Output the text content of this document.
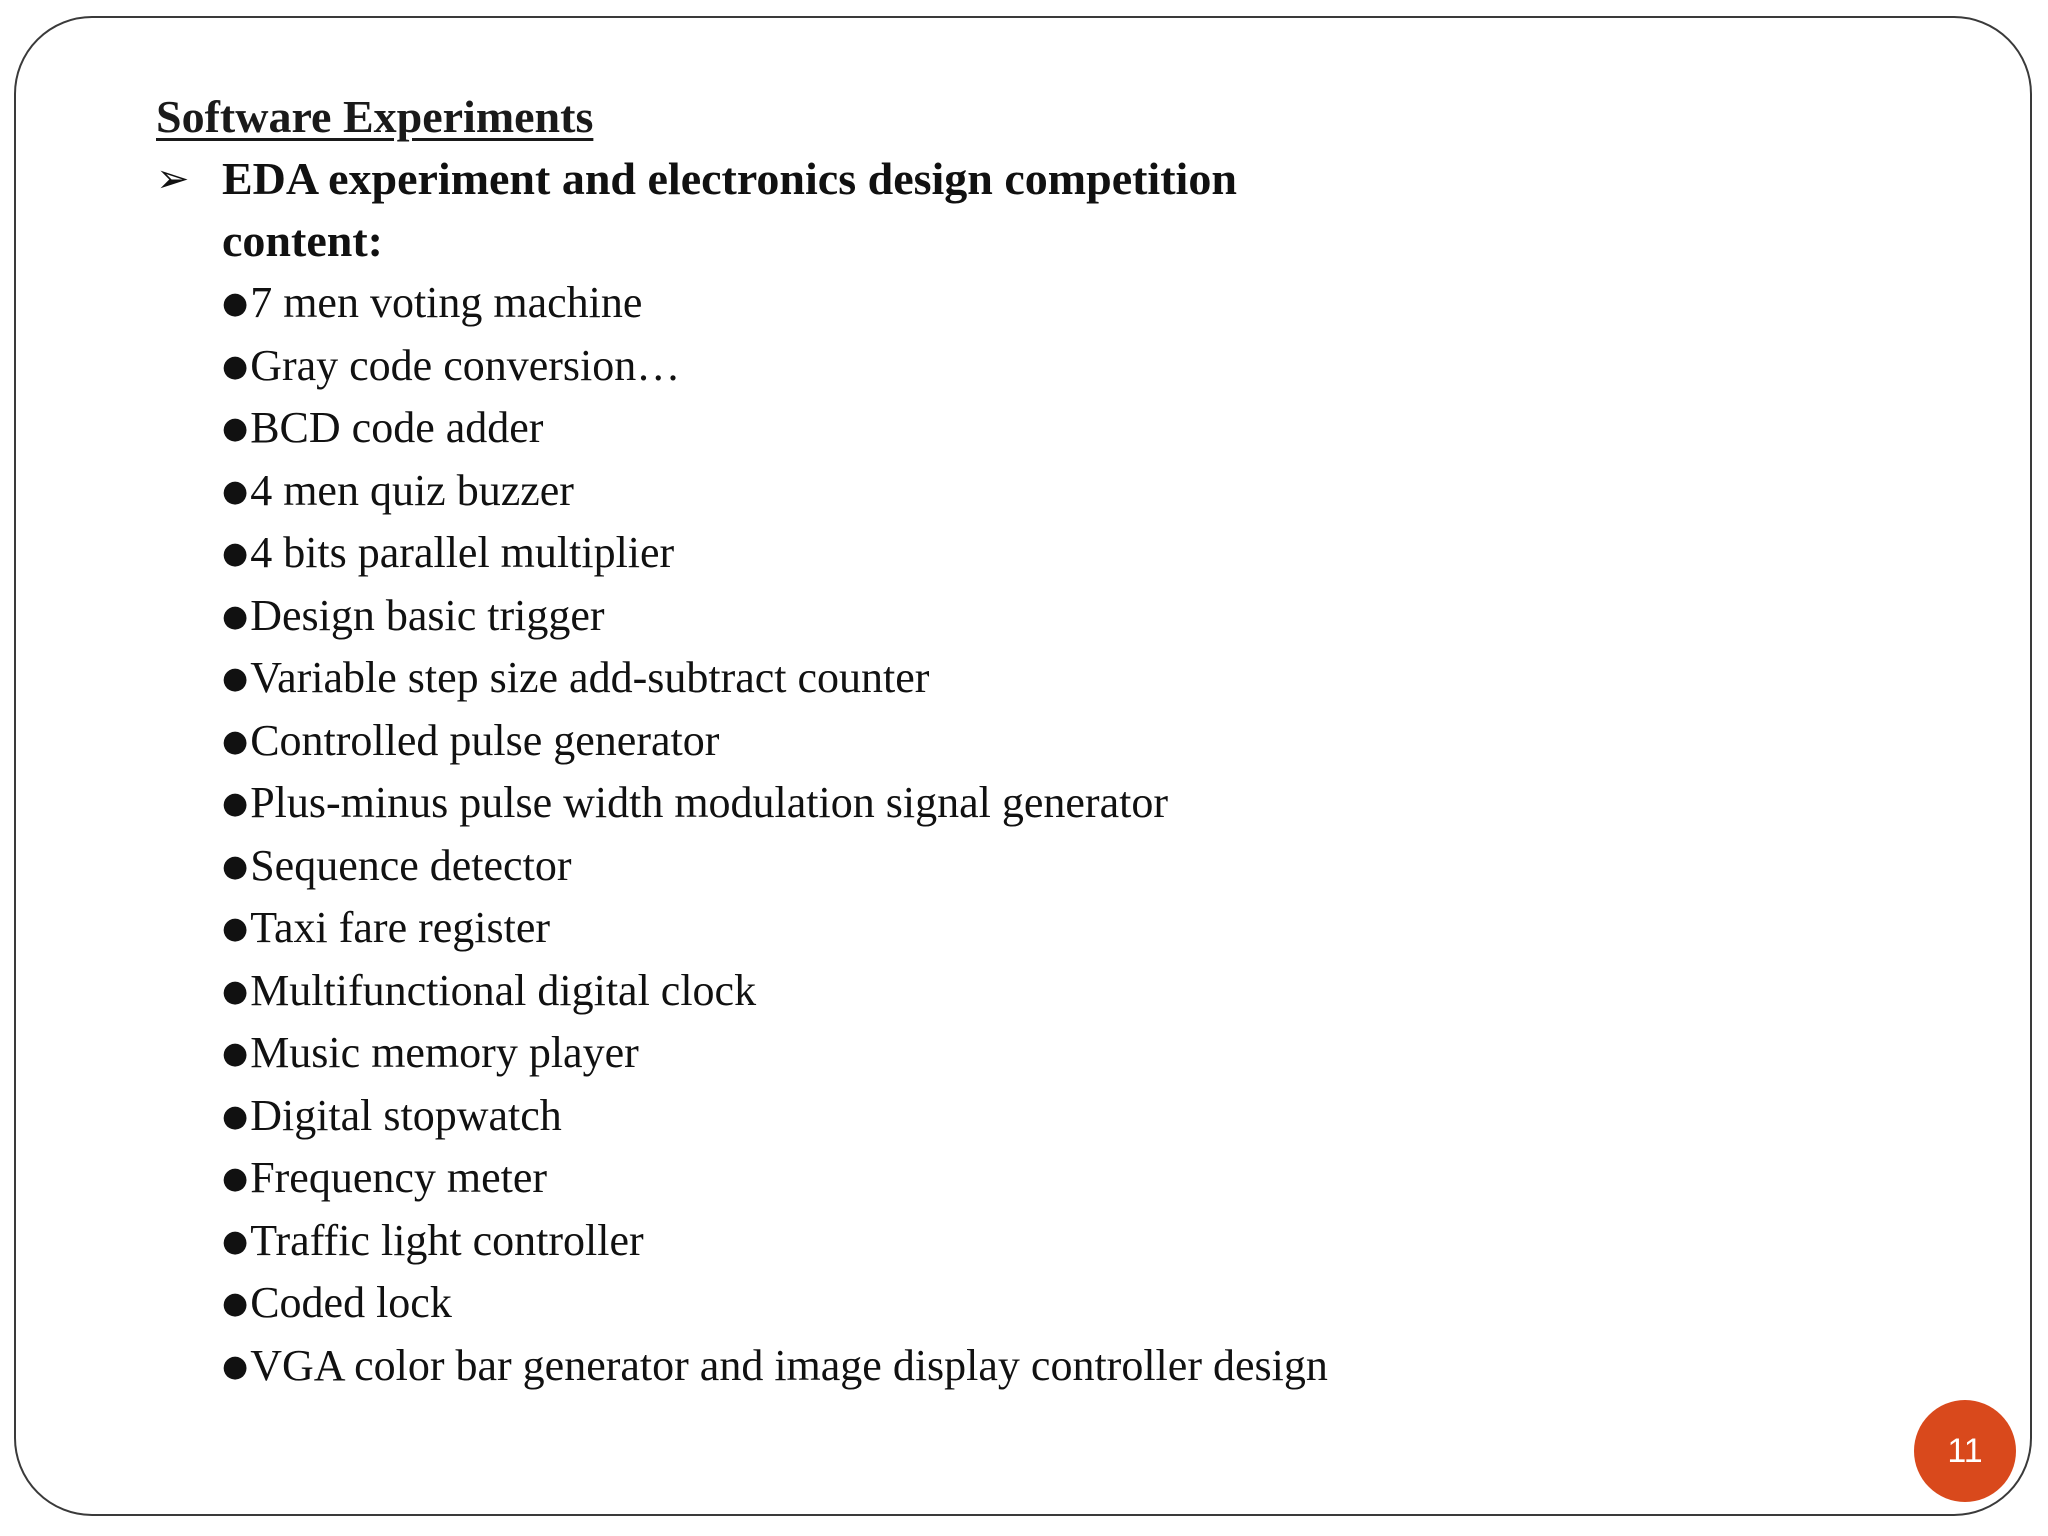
Software Experiments
➢ EDA experiment and electronics design competition content:
●7 men voting machine
●Gray code conversion…
●BCD code adder
●4 men quiz buzzer
●4 bits parallel multiplier
●Design basic trigger
●Variable step size add-subtract counter
●Controlled pulse generator
●Plus-minus pulse width modulation signal generator
●Sequence detector
●Taxi fare register
●Multifunctional digital clock
●Music memory player
●Digital stopwatch
●Frequency meter
●Traffic light controller
●Coded lock
●VGA color bar generator and image display controller design
11
